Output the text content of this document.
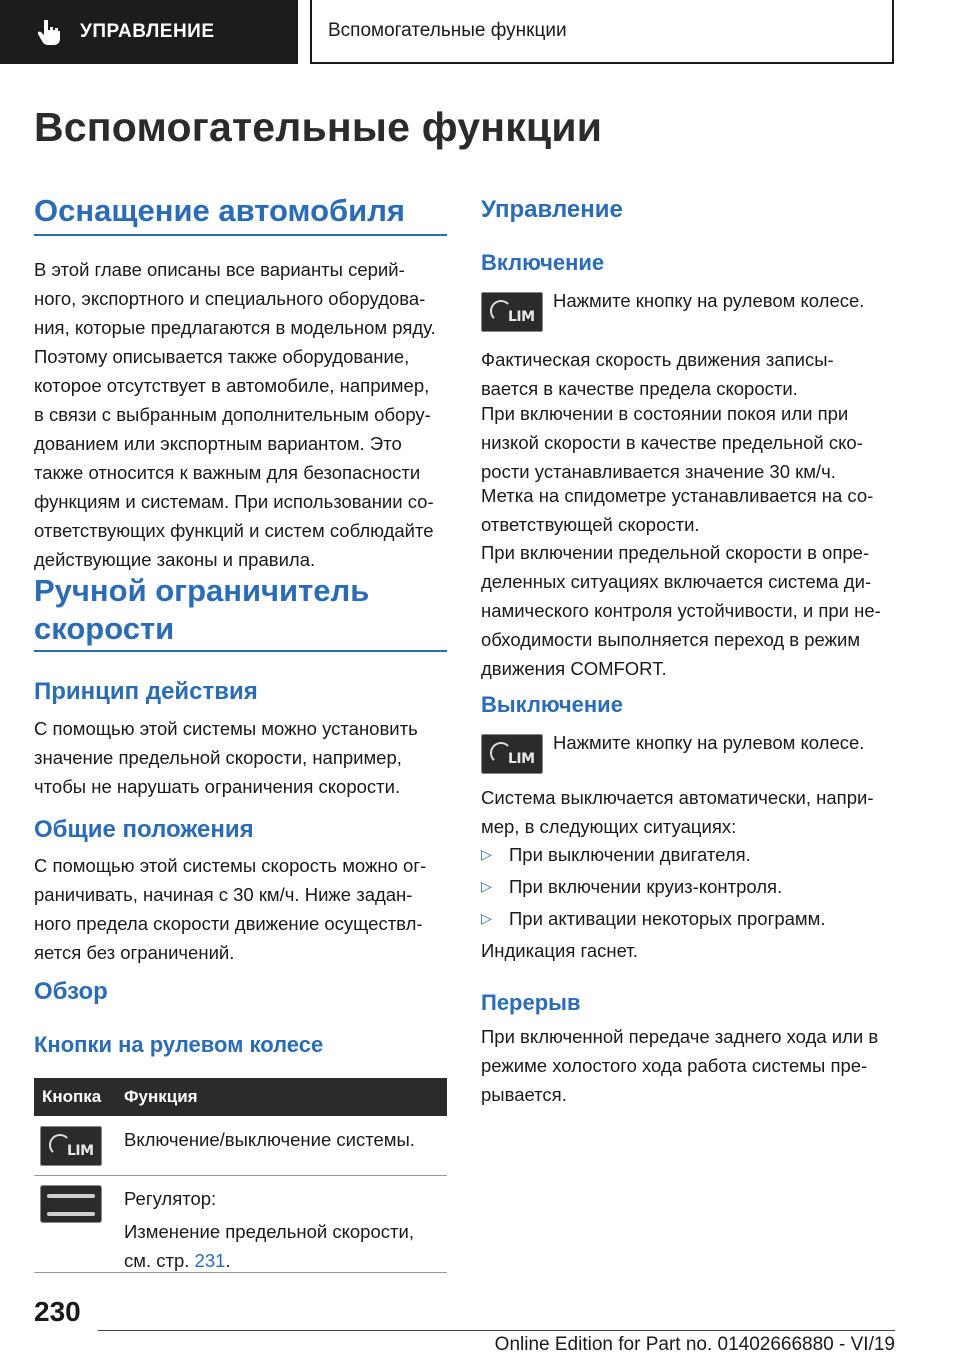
УПРАВЛЕНИЕ	Вспомогательные функции
Вспомогательные функции
Оснащение автомобиля
В этой главе описаны все варианты серий-
ного, экспортного и специального оборудова-
ния, которые предлагаются в модельном ряду.
Поэтому описывается также оборудование,
которое отсутствует в автомобиле, например,
в связи с выбранным дополнительным обору-
дованием или экспортным вариантом. Это
также относится к важным для безопасности
функциям и системам. При использовании со-
ответствующих функций и систем соблюдайте
действующие законы и правила.
Ручной ограничитель
скорости
Принцип действия
С помощью этой системы можно установить
значение предельной скорости, например,
чтобы не нарушать ограничения скорости.
Общие положения
С помощью этой системы скорость можно ог-
раничивать, начиная с 30 км/ч. Ниже задан-
ного предела скорости движение осуществл-
яется без ограничений.
Обзор
Кнопки на рулевом колесе
Кнопка	Функция
LIM
Включение/выключение системы.
Регулятор:
Изменение предельной скорости,
см. стр. 231.
Управление
Включение
LIM
Нажмите кнопку на рулевом колесе.
Фактическая скорость движения записы-
вается в качестве предела скорости.
При включении в состоянии покоя или при
низкой скорости в качестве предельной ско-
рости устанавливается значение 30 км/ч.
Метка на спидометре устанавливается на со-
ответствующей скорости.
При включении предельной скорости в опре-
деленных ситуациях включается система ди-
намического контроля устойчивости, и при не-
обходимости выполняется переход в режим
движения COMFORT.
Выключение
LIM
Нажмите кнопку на рулевом колесе.
Система выключается автоматически, напри-
мер, в следующих ситуациях:
▷ При выключении двигателя.
▷ При включении круиз-контроля.
▷ При активации некоторых программ.
Индикация гаснет.
Перерыв
При включенной передаче заднего хода или в
режиме холостого хода работа системы пре-
рывается.
230
Online Edition for Part no. 01402666880 - VI/19
